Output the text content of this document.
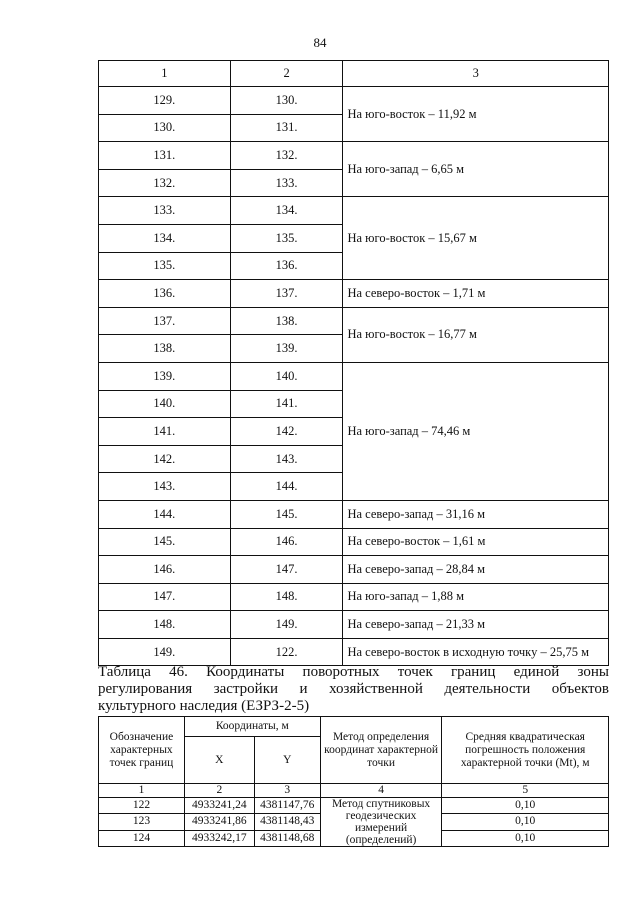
84
1	2	3
129.	130.	На юго-восток – 11,92 м
130.	131.	
131.	132.	На юго-запад – 6,65 м
132.	133.	
133.	134.	На юго-восток – 15,67 м
134.	135.	
135.	136.	
136.	137.	На северо-восток – 1,71 м
137.	138.	На юго-восток – 16,77 м
138.	139.	
139.	140.	На юго-запад – 74,46 м
140.	141.	
141.	142.	
142.	143.	
143.	144.	
144.	145.	На северо-запад – 31,16 м
145.	146.	На северо-восток – 1,61 м
146.	147.	На северо-запад – 28,84 м
147.	148.	На юго-запад – 1,88 м
148.	149.	На северо-запад – 21,33 м
149.	122.	На северо-восток в исходную точку – 25,75 м
Таблица 46. Координаты поворотных точек границ единой зоны
регулирования застройки и хозяйственной деятельности объектов
культурного наследия (ЕЗРЗ-2-5)
Обозначение характерных точек границ	Координаты, м		Метод определения координат характерной точки	Средняя квадратическая погрешность положения характерной точки (Mt), м
	X	Y		
1	2	3	4	5
122	4933241,24	4381147,76	Метод спутниковых геодезических измерений (определений)	0,10
123	4933241,86	4381148,43		0,10
124	4933242,17	4381148,68		0,10
